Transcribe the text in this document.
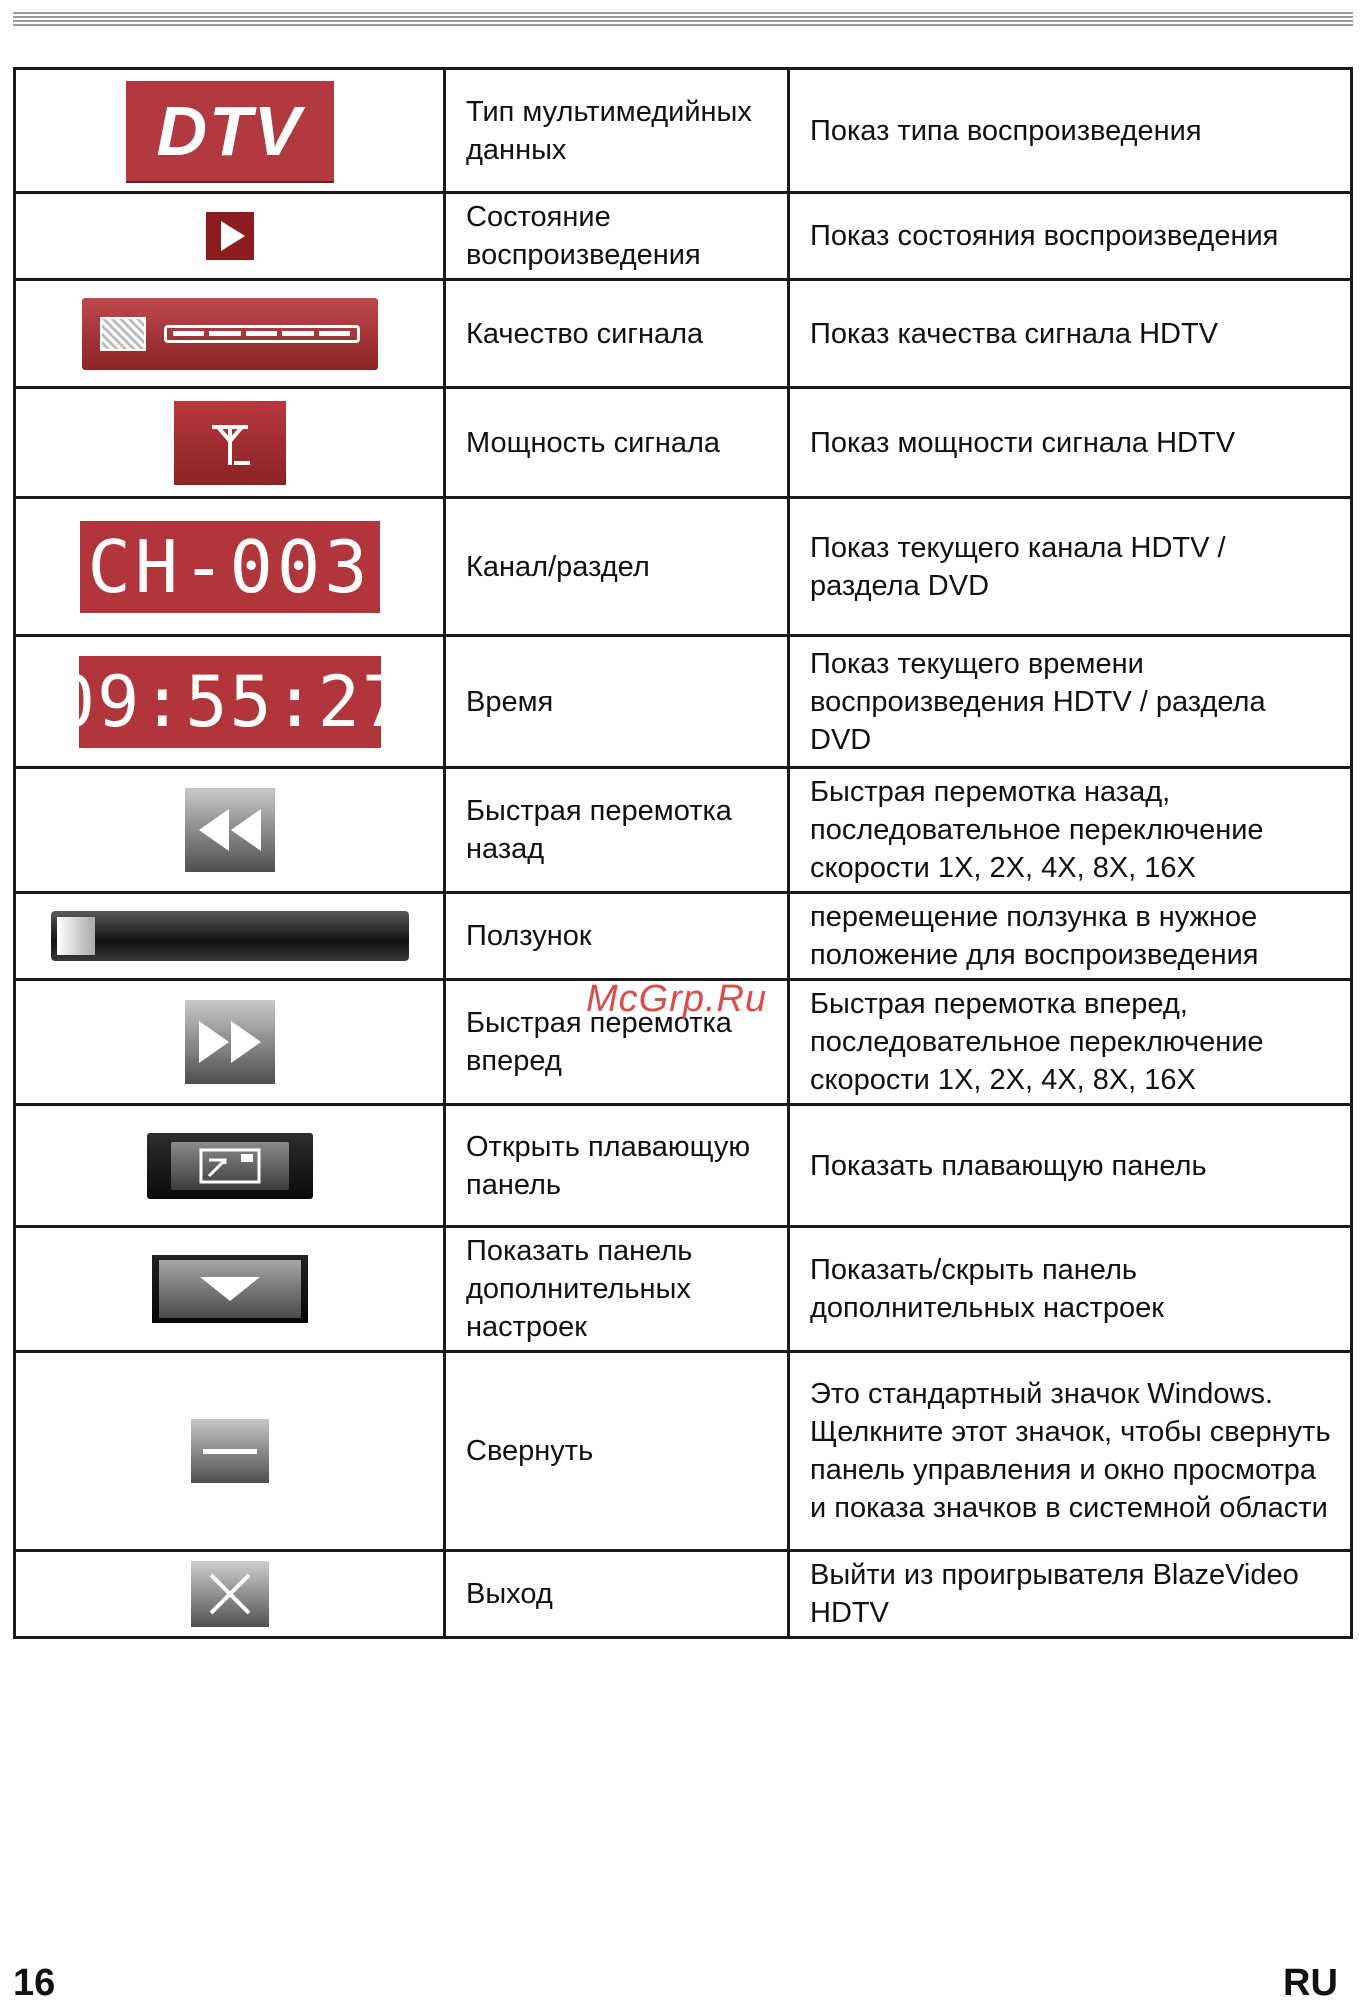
DTV	Тип мультимедийных данных	Показ типа воспроизведения

	Состояние воспроизведения	Показ состояния воспроизведения

	Качество сигнала	Показ качества сигнала HDTV

	Мощность сигнала	Показ мощности сигнала HDTV

CH-003	Канал/раздел	Показ текущего канала HDTV / раздела DVD

09:55:27	Время	Показ текущего времени воспроизведения HDTV / раздела DVD

	Быстрая перемотка назад	Быстрая перемотка назад, последовательное переключение скорости 1X, 2X, 4X, 8X, 16X

	Ползунок	перемещение ползунка в нужное положение для воспроизведения

	Быстрая перемотка вперед	Быстрая перемотка вперед, последовательное переключение скорости 1X, 2X, 4X, 8X, 16X

	Открыть плавающую панель	Показать плавающую панель

	Показать панель дополнительных настроек	Показать/скрыть панель дополнительных настроек

	Свернуть	Это стандартный значок Windows. Щелкните этот значок, чтобы свернуть панель управления и окно просмотра и показа значков в системной области

	Выход	Выйти из проигрывателя BlazeVideo HDTV
McGrp.Ru
16	RU
